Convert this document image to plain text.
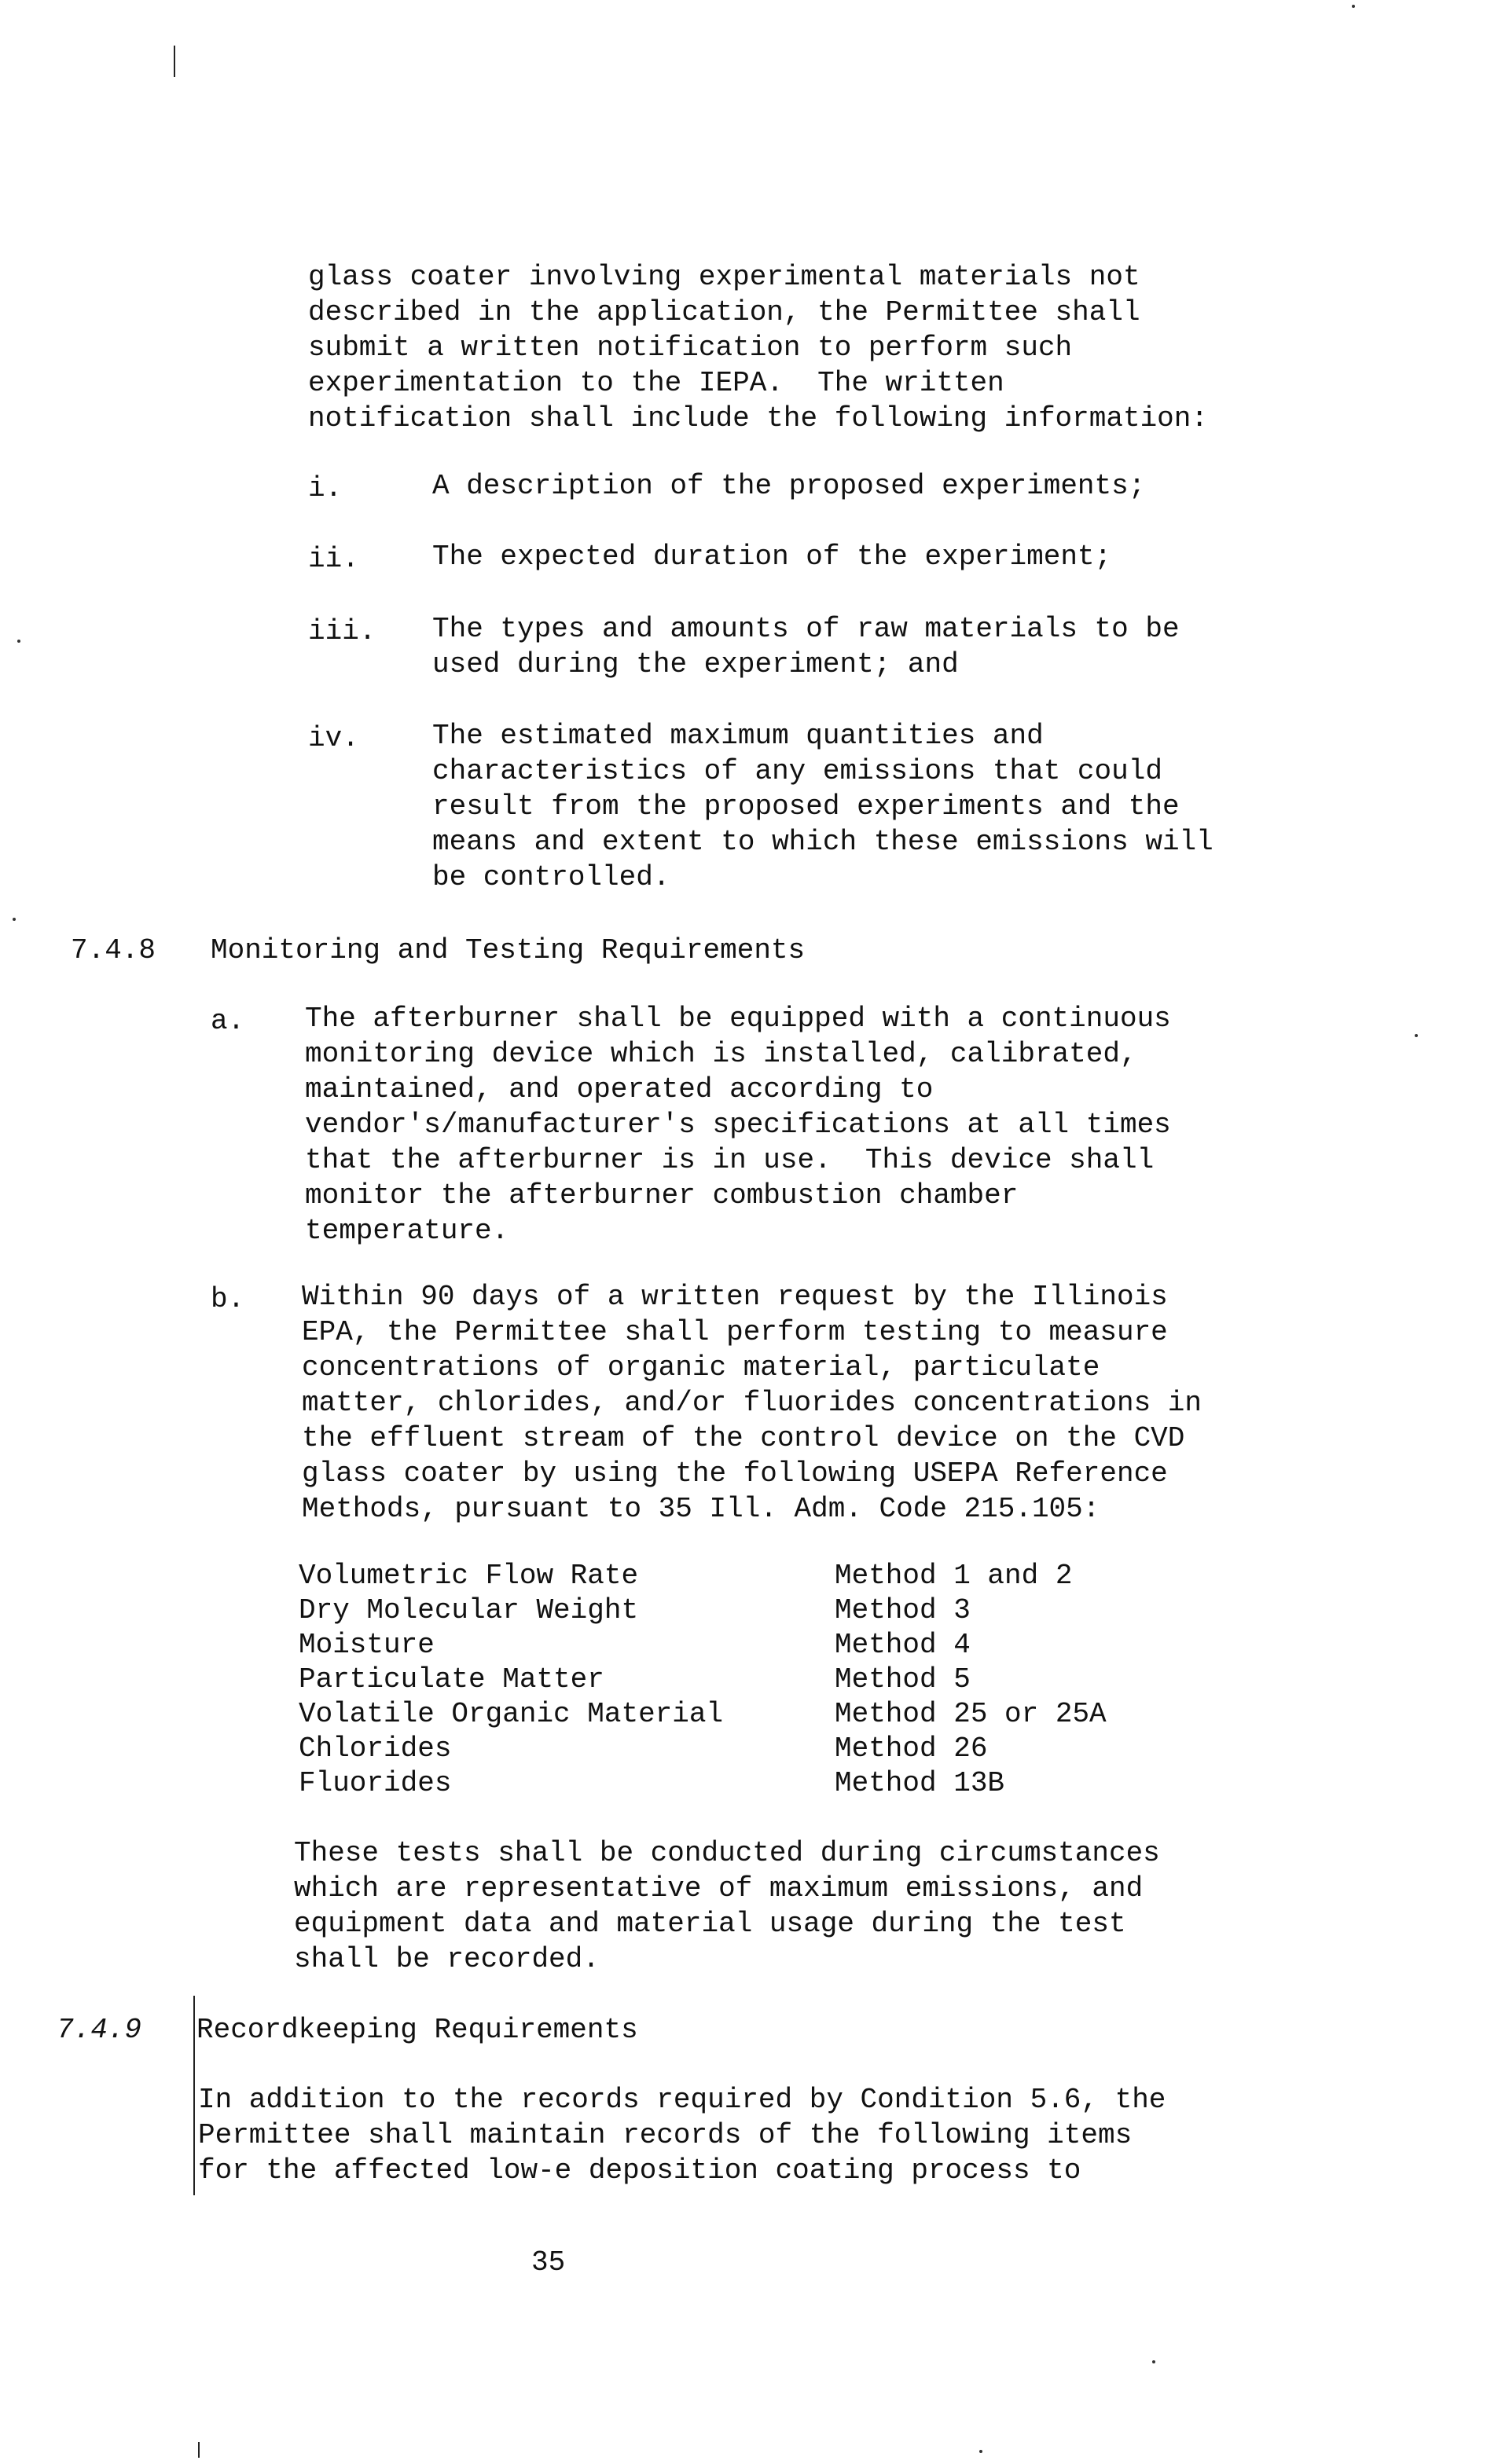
glass coater involving experimental materials not
described in the application, the Permittee shall
submit a written notification to perform such
experimentation to the IEPA.  The written
notification shall include the following information:
i.	A description of the proposed experiments;
ii.	The expected duration of the experiment;
iii. The types and amounts of raw materials to be
used during the experiment; and
iv.	The estimated maximum quantities and
characteristics of any emissions that could
result from the proposed experiments and the
means and extent to which these emissions will
be controlled.
7.4.8 Monitoring and Testing Requirements
a. The afterburner shall be equipped with a continuous
monitoring device which is installed, calibrated,
maintained, and operated according to
vendor's/manufacturer's specifications at all times
that the afterburner is in use.  This device shall
monitor the afterburner combustion chamber
temperature.
b. Within 90 days of a written request by the Illinois
EPA, the Permittee shall perform testing to measure
concentrations of organic material, particulate
matter, chlorides, and/or fluorides concentrations in
the effluent stream of the control device on the CVD
glass coater by using the following USEPA Reference
Methods, pursuant to 35 Ill. Adm. Code 215.105:
Volumetric Flow Rate	Method 1 and 2
Dry Molecular Weight	Method 3
Moisture	Method 4
Particulate Matter	Method 5
Volatile Organic Material	Method 25 or 25A
Chlorides	Method 26
Fluorides	Method 13B
These tests shall be conducted during circumstances
which are representative of maximum emissions, and
equipment data and material usage during the test
shall be recorded.
7.4.9 Recordkeeping Requirements
In addition to the records required by Condition 5.6, the
Permittee shall maintain records of the following items
for the affected low-e deposition coating process to
35
